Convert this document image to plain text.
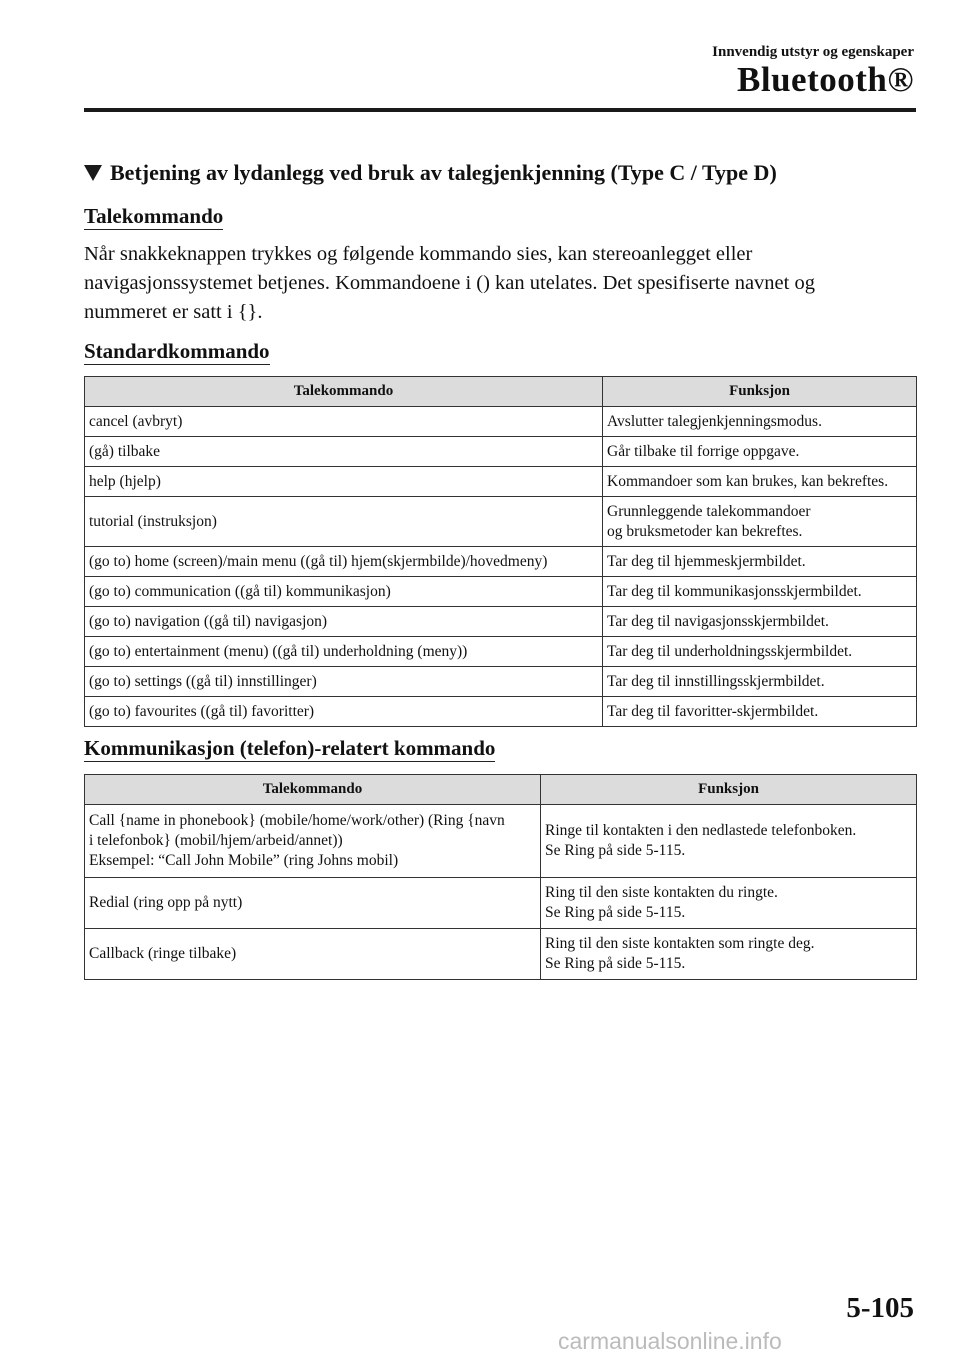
Innvendig utstyr og egenskaper
Bluetooth®
Betjening av lydanlegg ved bruk av talegjenkjenning (Type C / Type D)
Talekommando
Når snakkeknappen trykkes og følgende kommando sies, kan stereoanlegget eller
navigasjonssystemet betjenes. Kommandoene i () kan utelates. Det spesifiserte navnet og
nummeret er satt i {}.
Standardkommando
Talekommando	Funksjon

cancel (avbryt)	Avslutter talegjenkjenningsmodus.

(gå) tilbake	Går tilbake til forrige oppgave.

help (hjelp)	Kommandoer som kan brukes, kan bekreftes.

tutorial (instruksjon)	Grunnleggende talekommandoer
og bruksmetoder kan bekreftes.

(go to) home (screen)/main menu ((gå til) hjem(skjermbilde)/hovedmeny)	Tar deg til hjemmeskjermbildet.

(go to) communication ((gå til) kommunikasjon)	Tar deg til kommunikasjonsskjermbildet.

(go to) navigation ((gå til) navigasjon)	Tar deg til navigasjonsskjermbildet.

(go to) entertainment (menu) ((gå til) underholdning (meny))	Tar deg til underholdningsskjermbildet.

(go to) settings ((gå til) innstillinger)	Tar deg til innstillingsskjermbildet.

(go to) favourites ((gå til) favoritter)	Tar deg til favoritter-skjermbildet.
Kommunikasjon (telefon)-relatert kommando
Talekommando	Funksjon

Call {name in phonebook} (mobile/home/work/other) (Ring {navn
i telefonbok} (mobil/hjem/arbeid/annet))
Eksempel: “Call John Mobile” (ring Johns mobil)	Ringe til kontakten i den nedlastede telefonboken.
Se Ring på side 5-115.

Redial (ring opp på nytt)	Ring til den siste kontakten du ringte.
Se Ring på side 5-115.

Callback (ringe tilbake)	Ring til den siste kontakten som ringte deg.
Se Ring på side 5-115.
5-105
carmanualsonline.info
